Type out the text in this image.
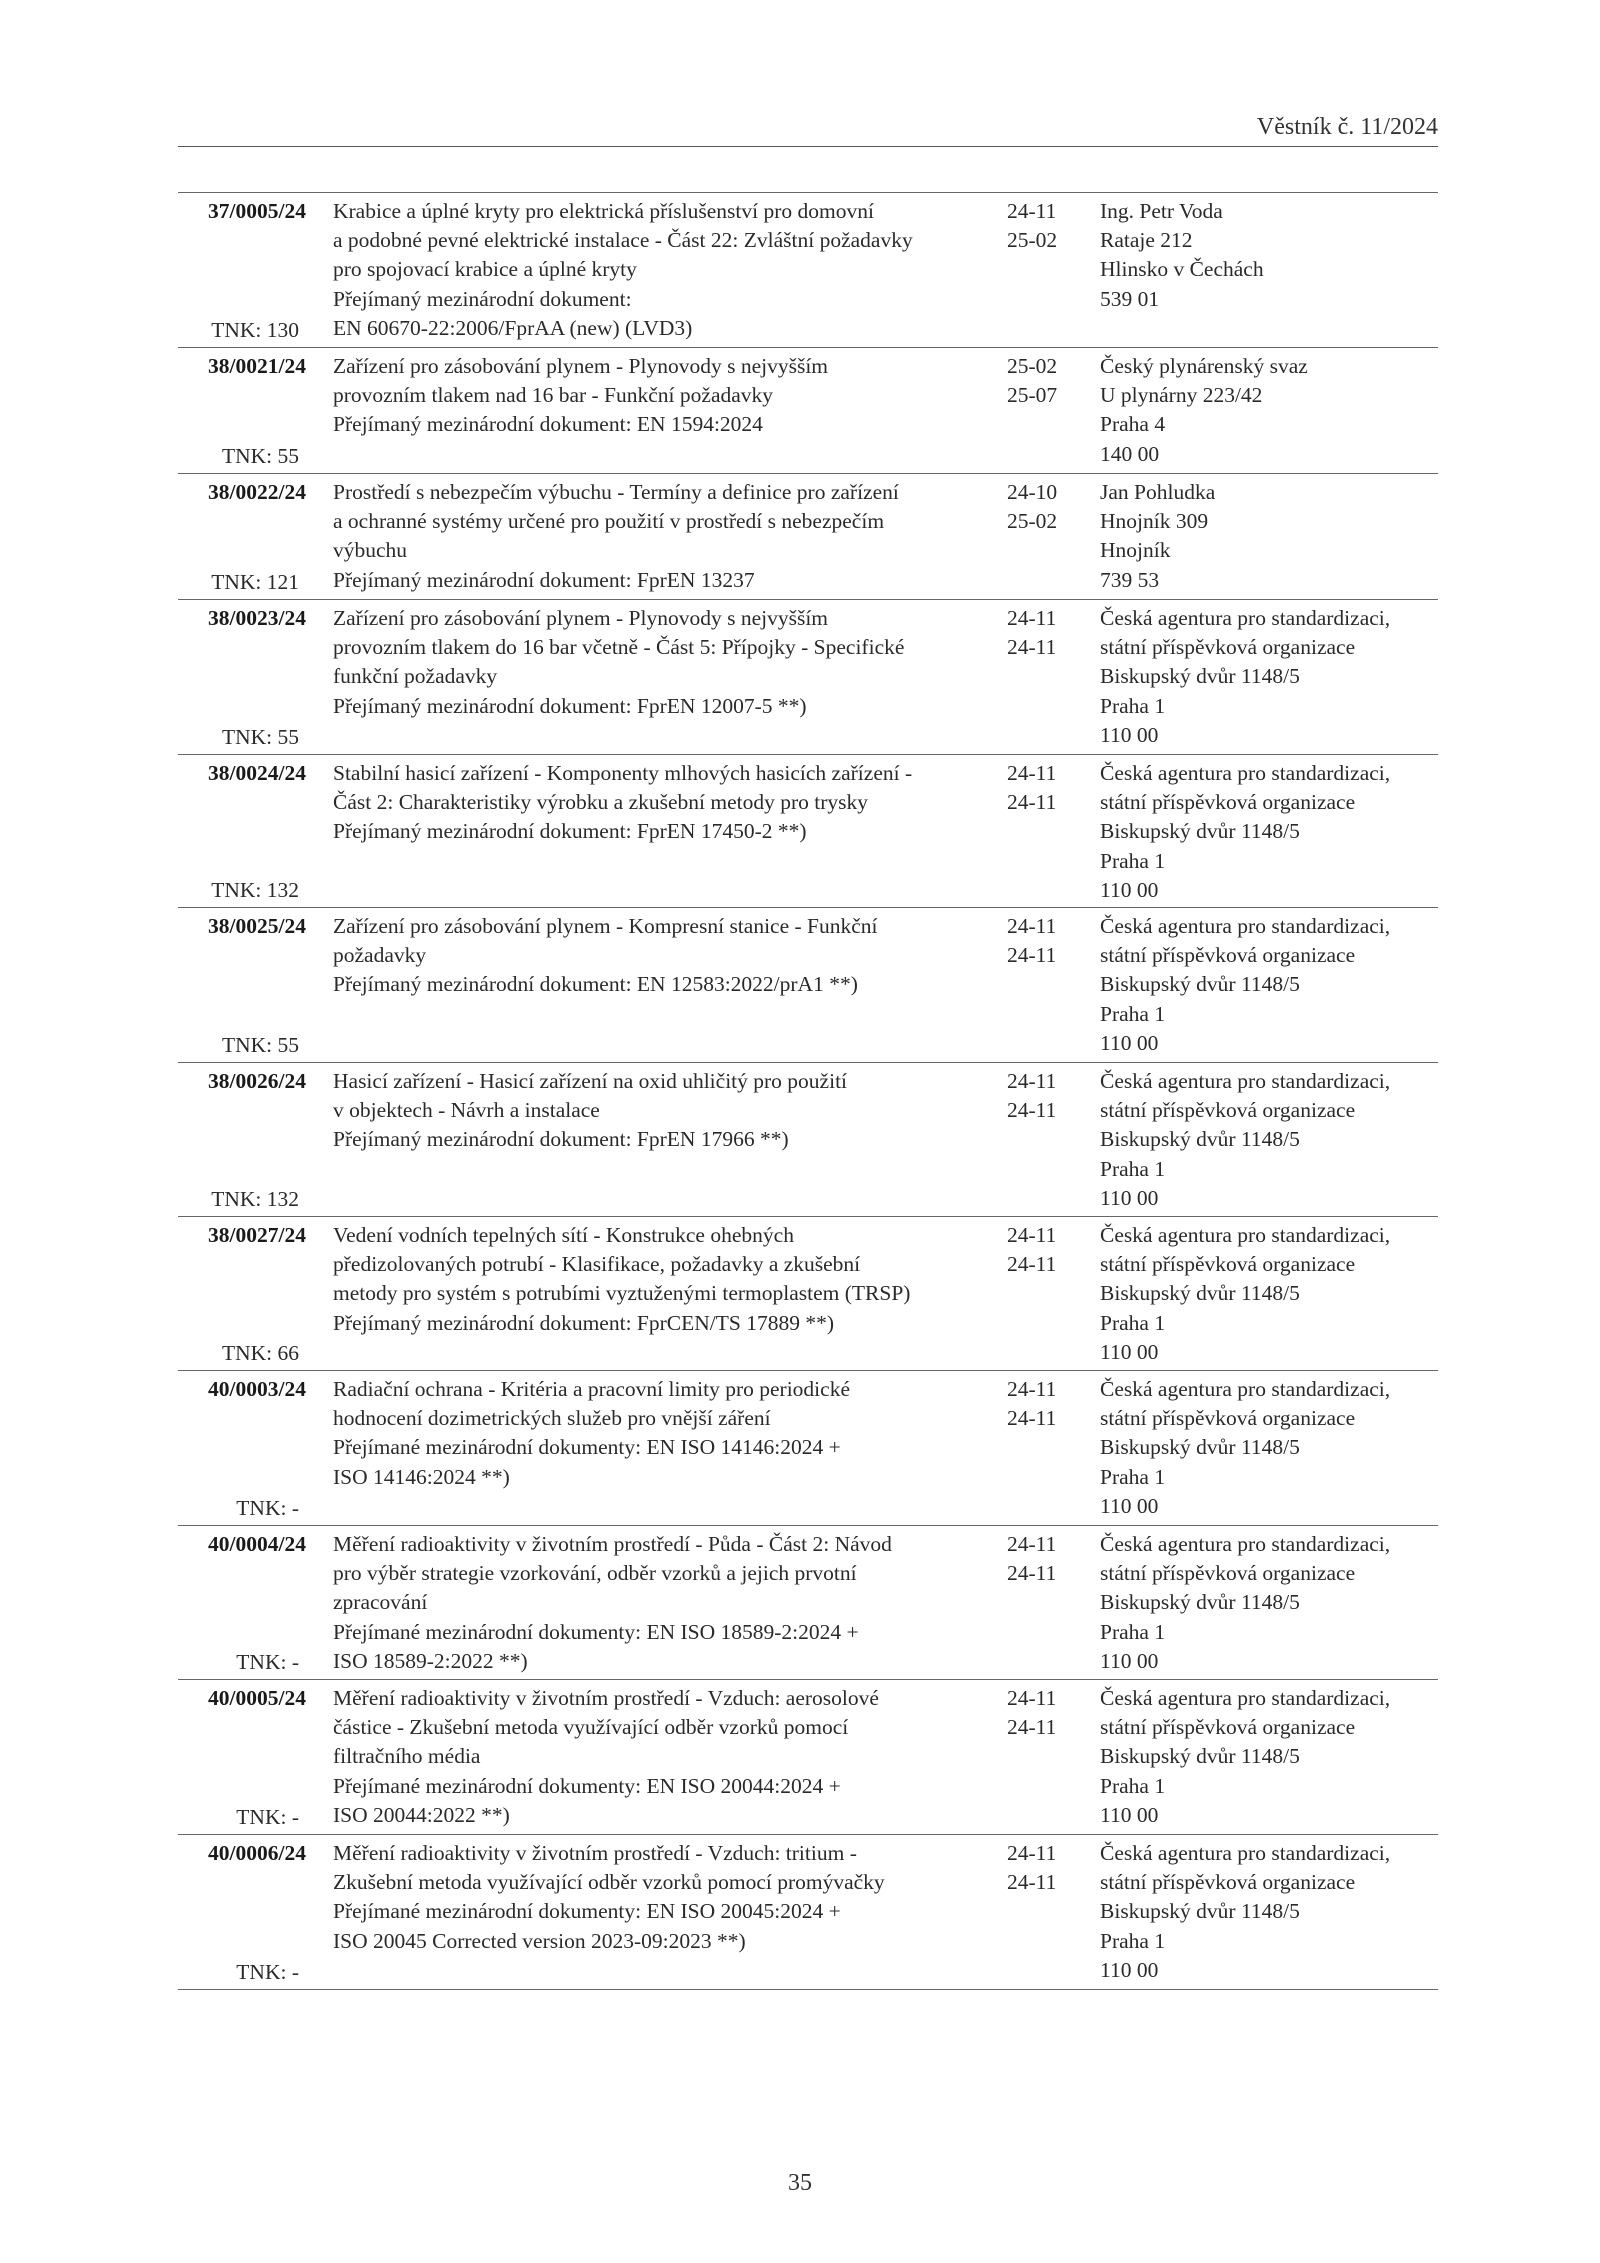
Věstník č. 11/2024
37/0005/24
TNK: 130
Krabice a úplné kryty pro elektrická příslušenství pro domovní
a podobné pevné elektrické instalace - Část 22: Zvláštní požadavky
pro spojovací krabice a úplné kryty
Přejímaný mezinárodní dokument:
EN 60670-22:2006/FprAA (new) (LVD3)
24-11
25-02
Ing. Petr Voda
Rataje 212
Hlinsko v Čechách
539 01
38/0021/24
TNK: 55
Zařízení pro zásobování plynem - Plynovody s nejvyšším
provozním tlakem nad 16 bar - Funkční požadavky
Přejímaný mezinárodní dokument: EN 1594:2024
25-02
25-07
Český plynárenský svaz
U plynárny 223/42
Praha 4
140 00
38/0022/24
TNK: 121
Prostředí s nebezpečím výbuchu - Termíny a definice pro zařízení
a ochranné systémy určené pro použití v prostředí s nebezpečím
výbuchu
Přejímaný mezinárodní dokument: FprEN 13237
24-10
25-02
Jan Pohludka
Hnojník 309
Hnojník
739 53
38/0023/24
TNK: 55
Zařízení pro zásobování plynem - Plynovody s nejvyšším
provozním tlakem do 16 bar včetně - Část 5: Přípojky - Specifické
funkční požadavky
Přejímaný mezinárodní dokument: FprEN 12007-5 **)
24-11
24-11
Česká agentura pro standardizaci,
státní příspěvková organizace
Biskupský dvůr 1148/5
Praha 1
110 00
38/0024/24
TNK: 132
Stabilní hasicí zařízení - Komponenty mlhových hasicích zařízení -
Část 2: Charakteristiky výrobku a zkušební metody pro trysky
Přejímaný mezinárodní dokument: FprEN 17450-2 **)
24-11
24-11
Česká agentura pro standardizaci,
státní příspěvková organizace
Biskupský dvůr 1148/5
Praha 1
110 00
38/0025/24
TNK: 55
Zařízení pro zásobování plynem - Kompresní stanice - Funkční
požadavky
Přejímaný mezinárodní dokument: EN 12583:2022/prA1 **)
24-11
24-11
Česká agentura pro standardizaci,
státní příspěvková organizace
Biskupský dvůr 1148/5
Praha 1
110 00
38/0026/24
TNK: 132
Hasicí zařízení - Hasicí zařízení na oxid uhličitý pro použití
v objektech - Návrh a instalace
Přejímaný mezinárodní dokument: FprEN 17966 **)
24-11
24-11
Česká agentura pro standardizaci,
státní příspěvková organizace
Biskupský dvůr 1148/5
Praha 1
110 00
38/0027/24
TNK: 66
Vedení vodních tepelných sítí - Konstrukce ohebných
předizolovaných potrubí - Klasifikace, požadavky a zkušební
metody pro systém s potrubími vyztuženými termoplastem (TRSP)
Přejímaný mezinárodní dokument: FprCEN/TS 17889 **)
24-11
24-11
Česká agentura pro standardizaci,
státní příspěvková organizace
Biskupský dvůr 1148/5
Praha 1
110 00
40/0003/24
TNK: -
Radiační ochrana - Kritéria a pracovní limity pro periodické
hodnocení dozimetrických služeb pro vnější záření
Přejímané mezinárodní dokumenty: EN ISO 14146:2024 +
ISO 14146:2024 **)
24-11
24-11
Česká agentura pro standardizaci,
státní příspěvková organizace
Biskupský dvůr 1148/5
Praha 1
110 00
40/0004/24
TNK: -
Měření radioaktivity v životním prostředí - Půda - Část 2: Návod
pro výběr strategie vzorkování, odběr vzorků a jejich prvotní
zpracování
Přejímané mezinárodní dokumenty: EN ISO 18589-2:2024 +
ISO 18589-2:2022 **)
24-11
24-11
Česká agentura pro standardizaci,
státní příspěvková organizace
Biskupský dvůr 1148/5
Praha 1
110 00
40/0005/24
TNK: -
Měření radioaktivity v životním prostředí - Vzduch: aerosolové
částice - Zkušební metoda využívající odběr vzorků pomocí
filtračního média
Přejímané mezinárodní dokumenty: EN ISO 20044:2024 +
ISO 20044:2022 **)
24-11
24-11
Česká agentura pro standardizaci,
státní příspěvková organizace
Biskupský dvůr 1148/5
Praha 1
110 00
40/0006/24
TNK: -
Měření radioaktivity v životním prostředí - Vzduch: tritium -
Zkušební metoda využívající odběr vzorků pomocí promývačky
Přejímané mezinárodní dokumenty: EN ISO 20045:2024 +
ISO 20045 Corrected version 2023-09:2023 **)
24-11
24-11
Česká agentura pro standardizaci,
státní příspěvková organizace
Biskupský dvůr 1148/5
Praha 1
110 00
35
